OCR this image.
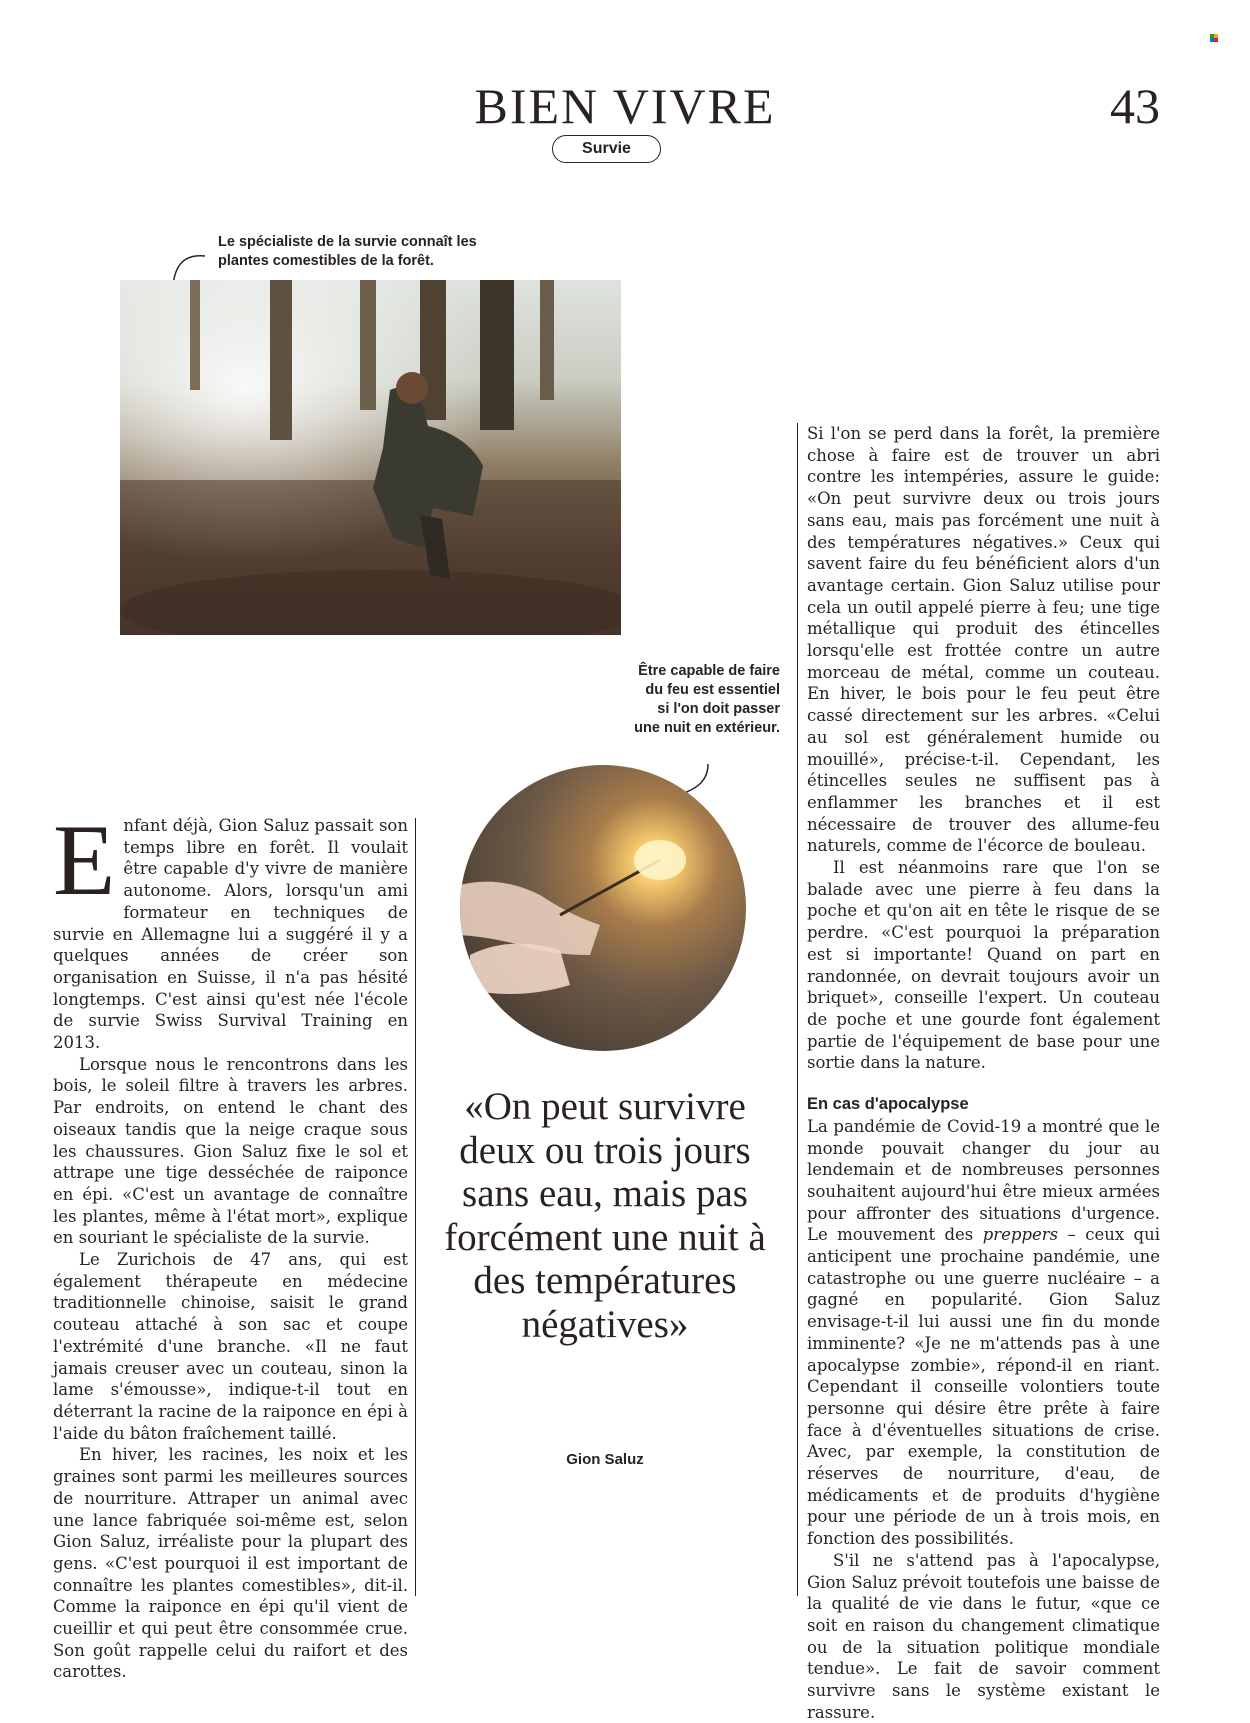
BIEN VIVRE	43
Survie
Le spécialiste de la survie connaît les plantes comestibles de la forêt.
Être capable de faire du feu est essentiel si l'on doit passer une nuit en extérieur.
E nfant déjà, Gion Saluz passait son temps libre en forêt. Il voulait être capable d'y vivre de manière autonome. Alors, lorsqu'un ami formateur en techniques de survie en Allemagne lui a suggéré il y a quelques années de créer son organisation en Suisse, il n'a pas hésité longtemps. C'est ainsi qu'est née l'école de survie Swiss Survival Training en 2013.

Lorsque nous le rencontrons dans les bois, le soleil filtre à travers les arbres. Par endroits, on entend le chant des oiseaux tandis que la neige craque sous les chaussures. Gion Saluz fixe le sol et attrape une tige desséchée de raiponce en épi. «C'est un avantage de connaître les plantes, même à l'état mort», explique en souriant le spécialiste de la survie.

Le Zurichois de 47 ans, qui est également thérapeute en médecine traditionnelle chinoise, saisit le grand couteau attaché à son sac et coupe l'extrémité d'une branche. «Il ne faut jamais creuser avec un couteau, sinon la lame s'émousse», indique-t-il tout en déterrant la racine de la raiponce en épi à l'aide du bâton fraîchement taillé.

En hiver, les racines, les noix et les graines sont parmi les meilleures sources de nourriture. Attraper un animal avec une lance fabriquée soi-même est, selon Gion Saluz, irréaliste pour la plupart des gens. «C'est pourquoi il est important de connaître les plantes comestibles», dit-il. Comme la raiponce en épi qu'il vient de cueillir et qui peut être consommée crue. Son goût rappelle celui du raifort et des carottes.

«On peut survivre deux ou trois jours sans eau, mais pas forcément une nuit à des températures négatives»
Gion Saluz

Si l'on se perd dans la forêt, la première chose à faire est de trouver un abri contre les intempéries, assure le guide: «On peut survivre deux ou trois jours sans eau, mais pas forcément une nuit à des températures négatives.» Ceux qui savent faire du feu bénéficient alors d'un avantage certain. Gion Saluz utilise pour cela un outil appelé pierre à feu; une tige métallique qui produit des étincelles lorsqu'elle est frottée contre un autre morceau de métal, comme un couteau. En hiver, le bois pour le feu peut être cassé directement sur les arbres. «Celui au sol est généralement humide ou mouillé», précise-t-il. Cependant, les étincelles seules ne suffisent pas à enflammer les branches et il est nécessaire de trouver des allume-feu naturels, comme de l'écorce de bouleau.

Il est néanmoins rare que l'on se balade avec une pierre à feu dans la poche et qu'on ait en tête le risque de se perdre. «C'est pourquoi la préparation est si importante! Quand on part en randonnée, on devrait toujours avoir un briquet», conseille l'expert. Un couteau de poche et une gourde font également partie de l'équipement de base pour une sortie dans la nature.

En cas d'apocalypse

La pandémie de Covid-19 a montré que le monde pouvait changer du jour au lendemain et de nombreuses personnes souhaitent aujourd'hui être mieux armées pour affronter des situations d'urgence. Le mouvement des preppers – ceux qui anticipent une prochaine pandémie, une catastrophe ou une guerre nucléaire – a gagné en popularité. Gion Saluz envisage-t-il lui aussi une fin du monde imminente? «Je ne m'attends pas à une apocalypse zombie», répond-il en riant. Cependant il conseille volontiers toute personne qui désire être prête à faire face à d'éventuelles situations de crise. Avec, par exemple, la constitution de réserves de nourriture, d'eau, de médicaments et de produits d'hygiène pour une période de un à trois mois, en fonction des possibilités.

S'il ne s'attend pas à l'apocalypse, Gion Saluz prévoit toutefois une baisse de la qualité de vie dans le futur, «que ce soit en raison du changement climatique ou de la situation politique mondiale tendue». Le fait de savoir comment survivre sans le système existant le rassure.
